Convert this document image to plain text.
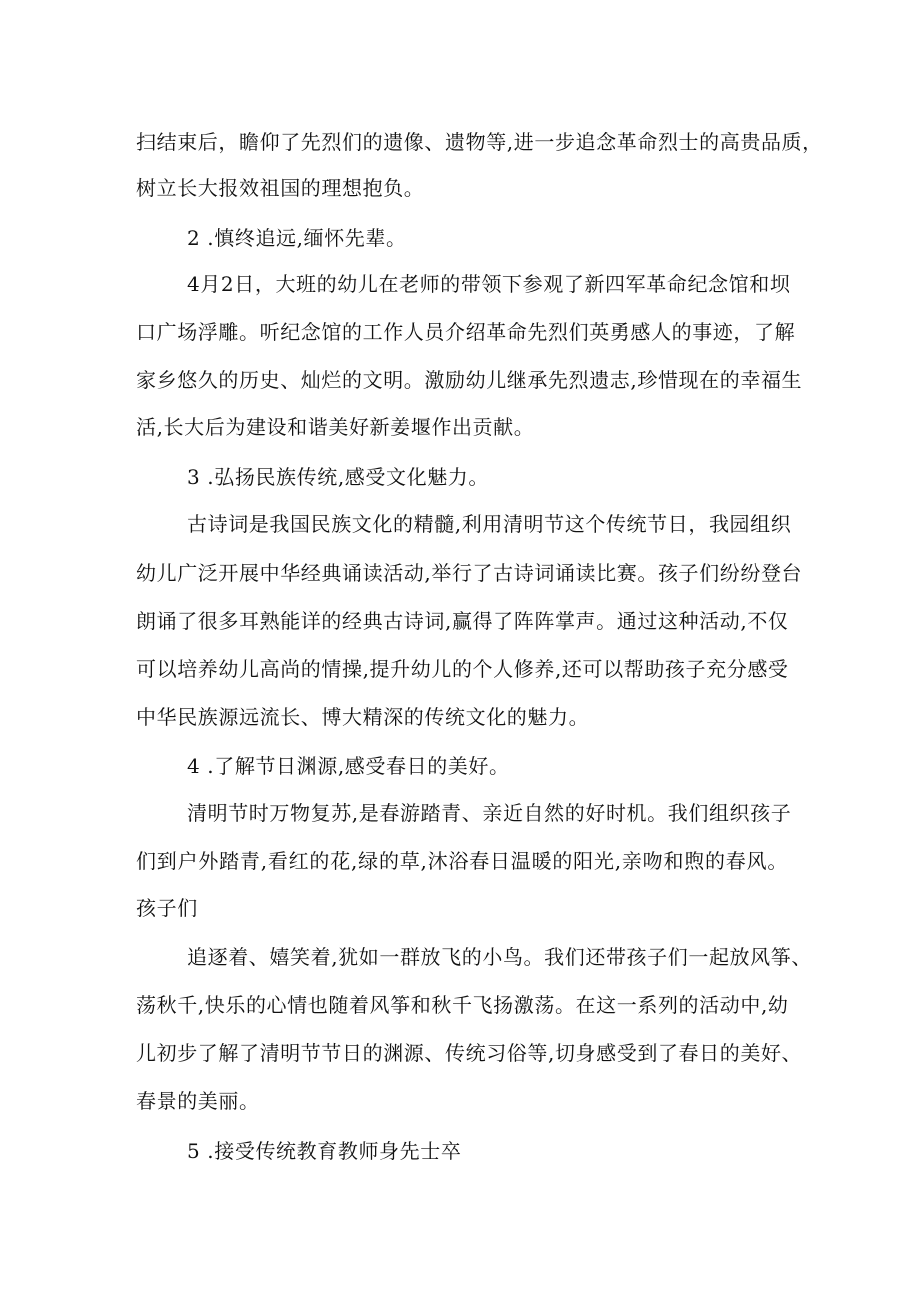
扫结束后，瞻仰了先烈们的遗像、遗物等,进一步追念革命烈士的高贵品质，
树立长大报效祖国的理想抱负。
2 .慎终追远,缅怀先辈。
4月2日，大班的幼儿在老师的带领下参观了新四军革命纪念馆和坝
口广场浮雕。听纪念馆的工作人员介绍革命先烈们英勇感人的事迹，了解
家乡悠久的历史、灿烂的文明。激励幼儿继承先烈遗志,珍惜现在的幸福生
活,长大后为建设和谐美好新姜堰作出贡献。
3 .弘扬民族传统,感受文化魅力。
古诗词是我国民族文化的精髓,利用清明节这个传统节日，我园组织
幼儿广泛开展中华经典诵读活动,举行了古诗词诵读比赛。孩子们纷纷登台
朗诵了很多耳熟能详的经典古诗词,赢得了阵阵掌声。通过这种活动,不仅
可以培养幼儿高尚的情操,提升幼儿的个人修养,还可以帮助孩子充分感受
中华民族源远流长、博大精深的传统文化的魅力。
4 .了解节日渊源,感受春日的美好。
清明节时万物复苏,是春游踏青、亲近自然的好时机。我们组织孩子
们到户外踏青,看红的花,绿的草,沐浴春日温暖的阳光,亲吻和煦的春风。
孩子们
追逐着、嬉笑着,犹如一群放飞的小鸟。我们还带孩子们一起放风筝、
荡秋千,快乐的心情也随着风筝和秋千飞扬激荡。在这一系列的活动中,幼
儿初步了解了清明节节日的渊源、传统习俗等,切身感受到了春日的美好、
春景的美丽。
5 .接受传统教育教师身先士卒
